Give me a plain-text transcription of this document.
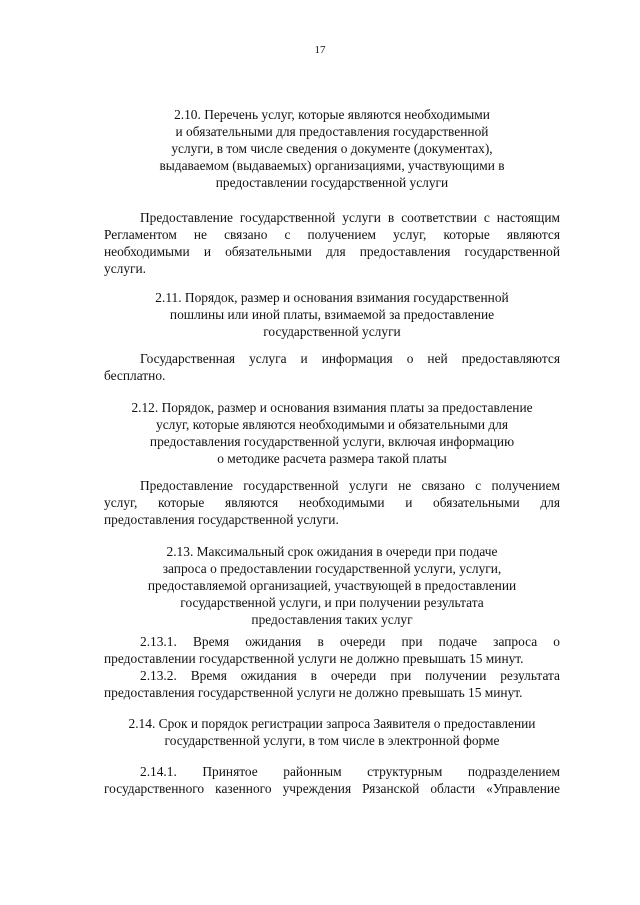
17

2.10. Перечень услуг, которые являются необходимыми

и обязательными для предоставления государственной

услуги, в том числе сведения о документе (документах),

выдаваемом (выдаваемых) организациями, участвующими в

предоставлении государственной услуги

Предоставление государственной услуги в соответствии с настоящим

Регламентом не связано с получением услуг, которые являются

необходимыми и обязательными для предоставления государственной

услуги.

2.11. Порядок, размер и основания взимания государственной

пошлины или иной платы, взимаемой за предоставление

государственной услуги

Государственная услуга и информация о ней предоставляются

бесплатно.

2.12. Порядок, размер и основания взимания платы за предоставление

услуг, которые являются необходимыми и обязательными для

предоставления государственной услуги, включая информацию

о методике расчета размера такой платы

Предоставление государственной услуги не связано с получением

услуг, которые являются необходимыми и обязательными для

предоставления государственной услуги.

2.13. Максимальный срок ожидания в очереди при подаче

запроса о предоставлении государственной услуги, услуги,

предоставляемой организацией, участвующей в предоставлении

государственной услуги, и при получении результата

предоставления таких услуг

2.13.1. Время ожидания в очереди при подаче запроса о

предоставлении государственной услуги не должно превышать 15 минут.

2.13.2. Время ожидания в очереди при получении результата

предоставления государственной услуги не должно превышать 15 минут.

2.14. Срок и порядок регистрации запроса Заявителя о предоставлении

государственной услуги, в том числе в электронной форме

2.14.1. Принятое районным структурным подразделением

государственного казенного учреждения Рязанской области «Управление
